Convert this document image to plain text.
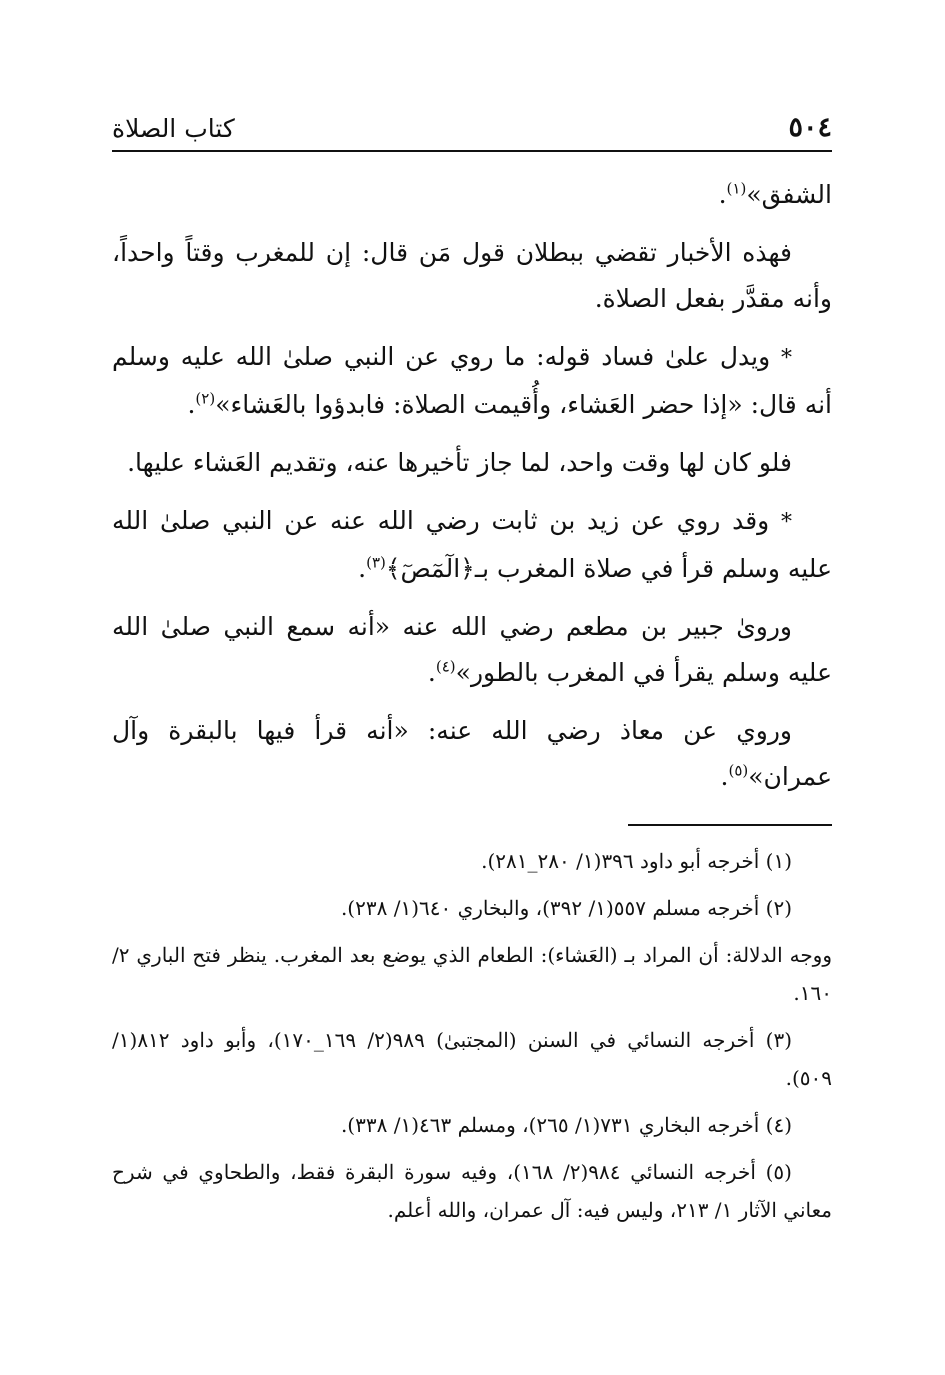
٥٠٤
كتاب الصلاة

الشفق»$^{(١)}$.

فهذه الأخبار تقضي ببطلان قول مَن قال: إن للمغرب وقتاً واحداً، وأنه مقدَّر بفعل الصلاة.

* ويدل علىٰ فساد قوله: ما روي عن النبي صلىٰ الله عليه وسلم أنه قال: «إذا حضر العَشاء، وأُقيمت الصلاة: فابدؤوا بالعَشاء»$^{(٢)}$.

فلو كان لها وقت واحد، لما جاز تأخيرها عنه، وتقديم العَشاء عليها.

* وقد روي عن زيد بن ثابت رضي الله عنه عن النبي صلىٰ الله عليه وسلم قرأ في صلاة المغرب بـ﴿الٓمٓصٓ﴾$^{(٣)}$.

وروىٰ جبير بن مطعم رضي الله عنه «أنه سمع النبي صلىٰ الله عليه وسلم يقرأ في المغرب بالطور»$^{(٤)}$.

وروي عن معاذ رضي الله عنه: «أنه قرأ فيها بالبقرة وآل عمران»$^{(٥)}$.

(١) أخرجه أبو داود ٣٩٦(١/ ٢٨٠_٢٨١).

(٢) أخرجه مسلم ٥٥٧(١/ ٣٩٢)، والبخاري ٦٤٠(١/ ٢٣٨).

ووجه الدلالة: أن المراد بـ (العَشاء): الطعام الذي يوضع بعد المغرب. ينظر فتح الباري ٢/ ١٦٠.

(٣) أخرجه النسائي في السنن (المجتبىٰ) ٩٨٩(٢/ ١٦٩_١٧٠)، وأبو داود ٨١٢(١/ ٥٠٩).

(٤) أخرجه البخاري ٧٣١(١/ ٢٦٥)، ومسلم ٤٦٣(١/ ٣٣٨).

(٥) أخرجه النسائي ٩٨٤(٢/ ١٦٨)، وفيه سورة البقرة فقط، والطحاوي في شرح معاني الآثار ١/ ٢١٣، وليس فيه: آل عمران، والله أعلم.
